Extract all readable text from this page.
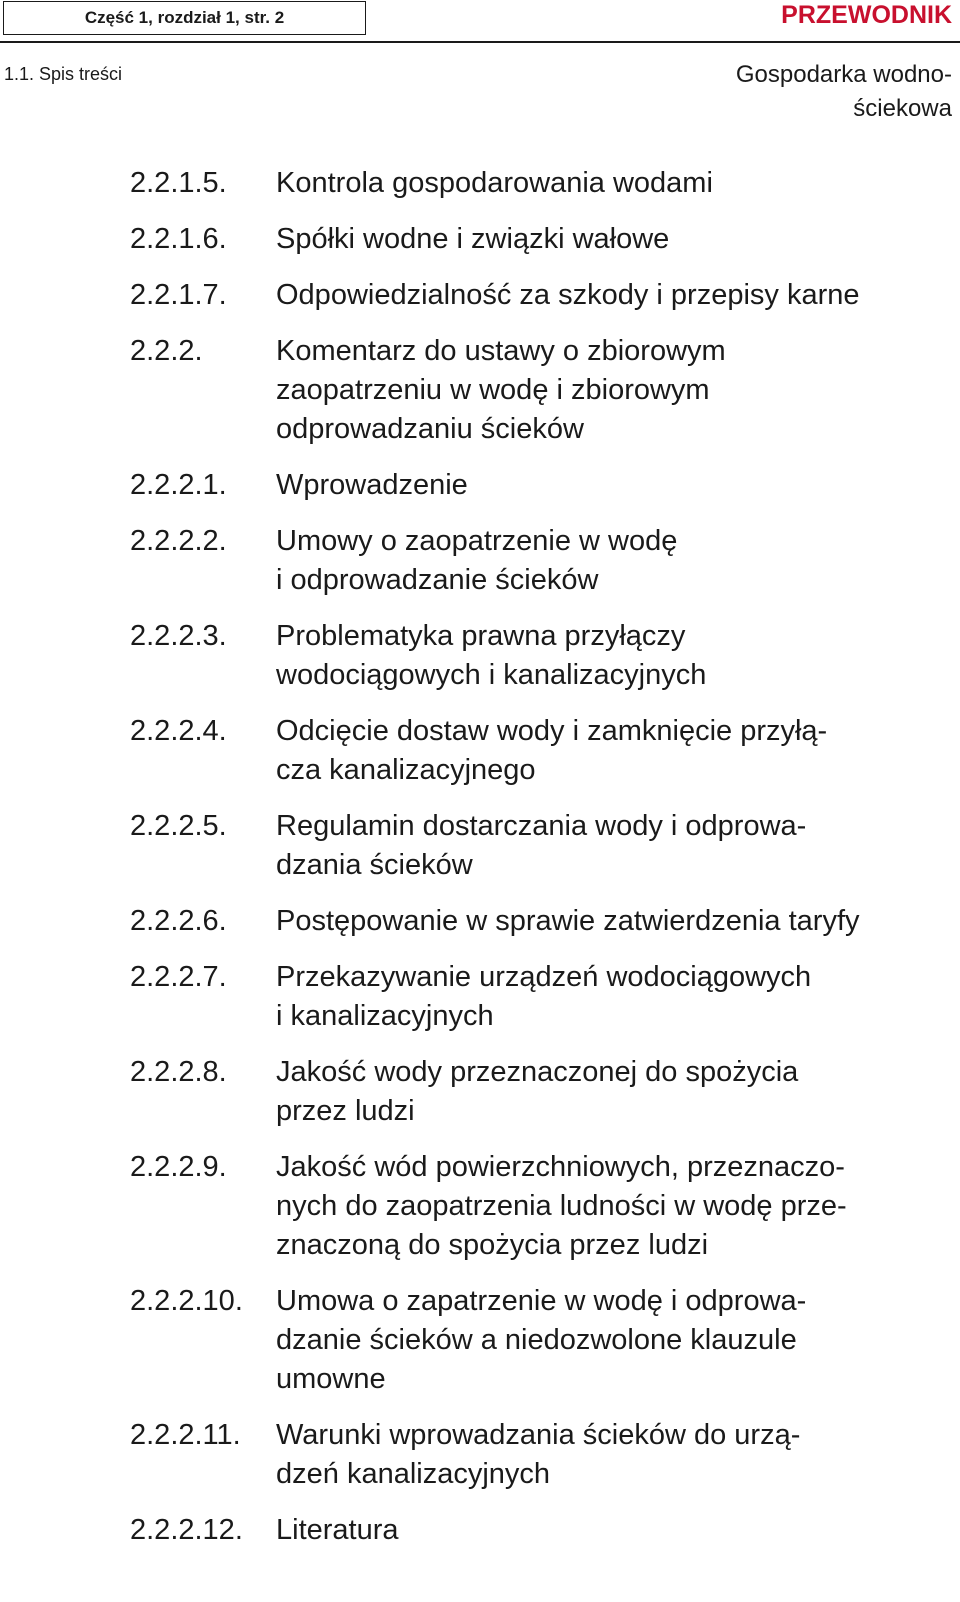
Część 1, rozdział 1, str. 2	PRZEWODNIK
1.1. Spis treści	Gospodarka wodno-ściekowa
2.2.1.5.	Kontrola gospodarowania wodami
2.2.1.6.	Spółki wodne i związki wałowe
2.2.1.7.	Odpowiedzialność za szkody i przepisy karne
2.2.2.	Komentarz do ustawy o zbiorowym
zaopatrzeniu w wodę i zbiorowym
odprowadzaniu ścieków
2.2.2.1.	Wprowadzenie
2.2.2.2.	Umowy o zaopatrzenie w wodę
i odprowadzanie ścieków
2.2.2.3.	Problematyka prawna przyłączy
wodociągowych i kanalizacyjnych
2.2.2.4.	Odcięcie dostaw wody i zamknięcie przyłą-
cza kanalizacyjnego
2.2.2.5.	Regulamin dostarczania wody i odprowa-
dzania ścieków
2.2.2.6.	Postępowanie w sprawie zatwierdzenia taryfy
2.2.2.7.	Przekazywanie urządzeń wodociągowych
i kanalizacyjnych
2.2.2.8.	Jakość wody przeznaczonej do spożycia
przez ludzi
2.2.2.9.	Jakość wód powierzchniowych, przeznaczo-
nych do zaopatrzenia ludności w wodę prze-
znaczoną do spożycia przez ludzi
2.2.2.10.	Umowa o zapatrzenie w wodę i odprowa-
dzanie ścieków a niedozwolone klauzule
umowne
2.2.2.11.	Warunki wprowadzania ścieków do urzą-
dzeń kanalizacyjnych
2.2.2.12.	Literatura
